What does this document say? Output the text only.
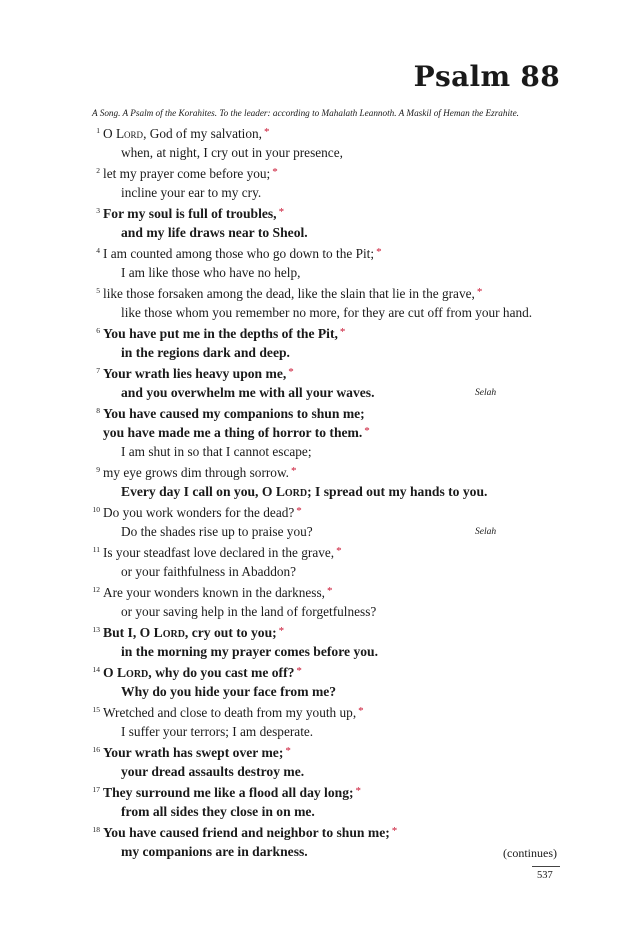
Psalm 88
A Song. A Psalm of the Korahites. To the leader: according to Mahalath Leannoth. A Maskil of Heman the Ezrahite.
1 O Lord, God of my salvation, *
when, at night, I cry out in your presence,
2 let my prayer come before you; *
incline your ear to my cry.
3 For my soul is full of troubles, *
and my life draws near to Sheol.
4 I am counted among those who go down to the Pit; *
I am like those who have no help,
5 like those forsaken among the dead, like the slain that lie in the grave, *
like those whom you remember no more, for they are cut off from your hand.
6 You have put me in the depths of the Pit, *
in the regions dark and deep.
7 Your wrath lies heavy upon me, *
and you overwhelm me with all your waves.	Selah
8 You have caused my companions to shun me;
you have made me a thing of horror to them. *
I am shut in so that I cannot escape;
9 my eye grows dim through sorrow. *
Every day I call on you, O Lord; I spread out my hands to you.
10 Do you work wonders for the dead? *
Do the shades rise up to praise you?	Selah
11 Is your steadfast love declared in the grave, *
or your faithfulness in Abaddon?
12 Are your wonders known in the darkness, *
or your saving help in the land of forgetfulness?
13 But I, O Lord, cry out to you; *
in the morning my prayer comes before you.
14 O Lord, why do you cast me off? *
Why do you hide your face from me?
15 Wretched and close to death from my youth up, *
I suffer your terrors; I am desperate.
16 Your wrath has swept over me; *
your dread assaults destroy me.
17 They surround me like a flood all day long; *
from all sides they close in on me.
18 You have caused friend and neighbor to shun me; *
my companions are in darkness.	(continues)
537
